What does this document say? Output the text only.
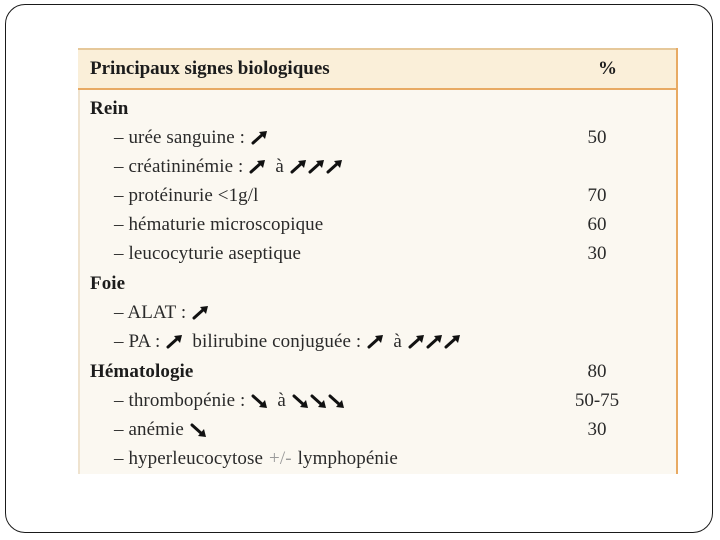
Principaux signes biologiques	%
Rein
– urée sanguine :	50
– créatininémie : à
– protéinurie <1g/l	70
– hématurie microscopique	60
– leucocyturie aseptique	30
Foie
– ALAT :
– PA : bilirubine conjuguée : à
Hématologie	80
– thrombopénie : à	50-75
– anémie	30
– hyperleucocytose +/- lymphopénie
